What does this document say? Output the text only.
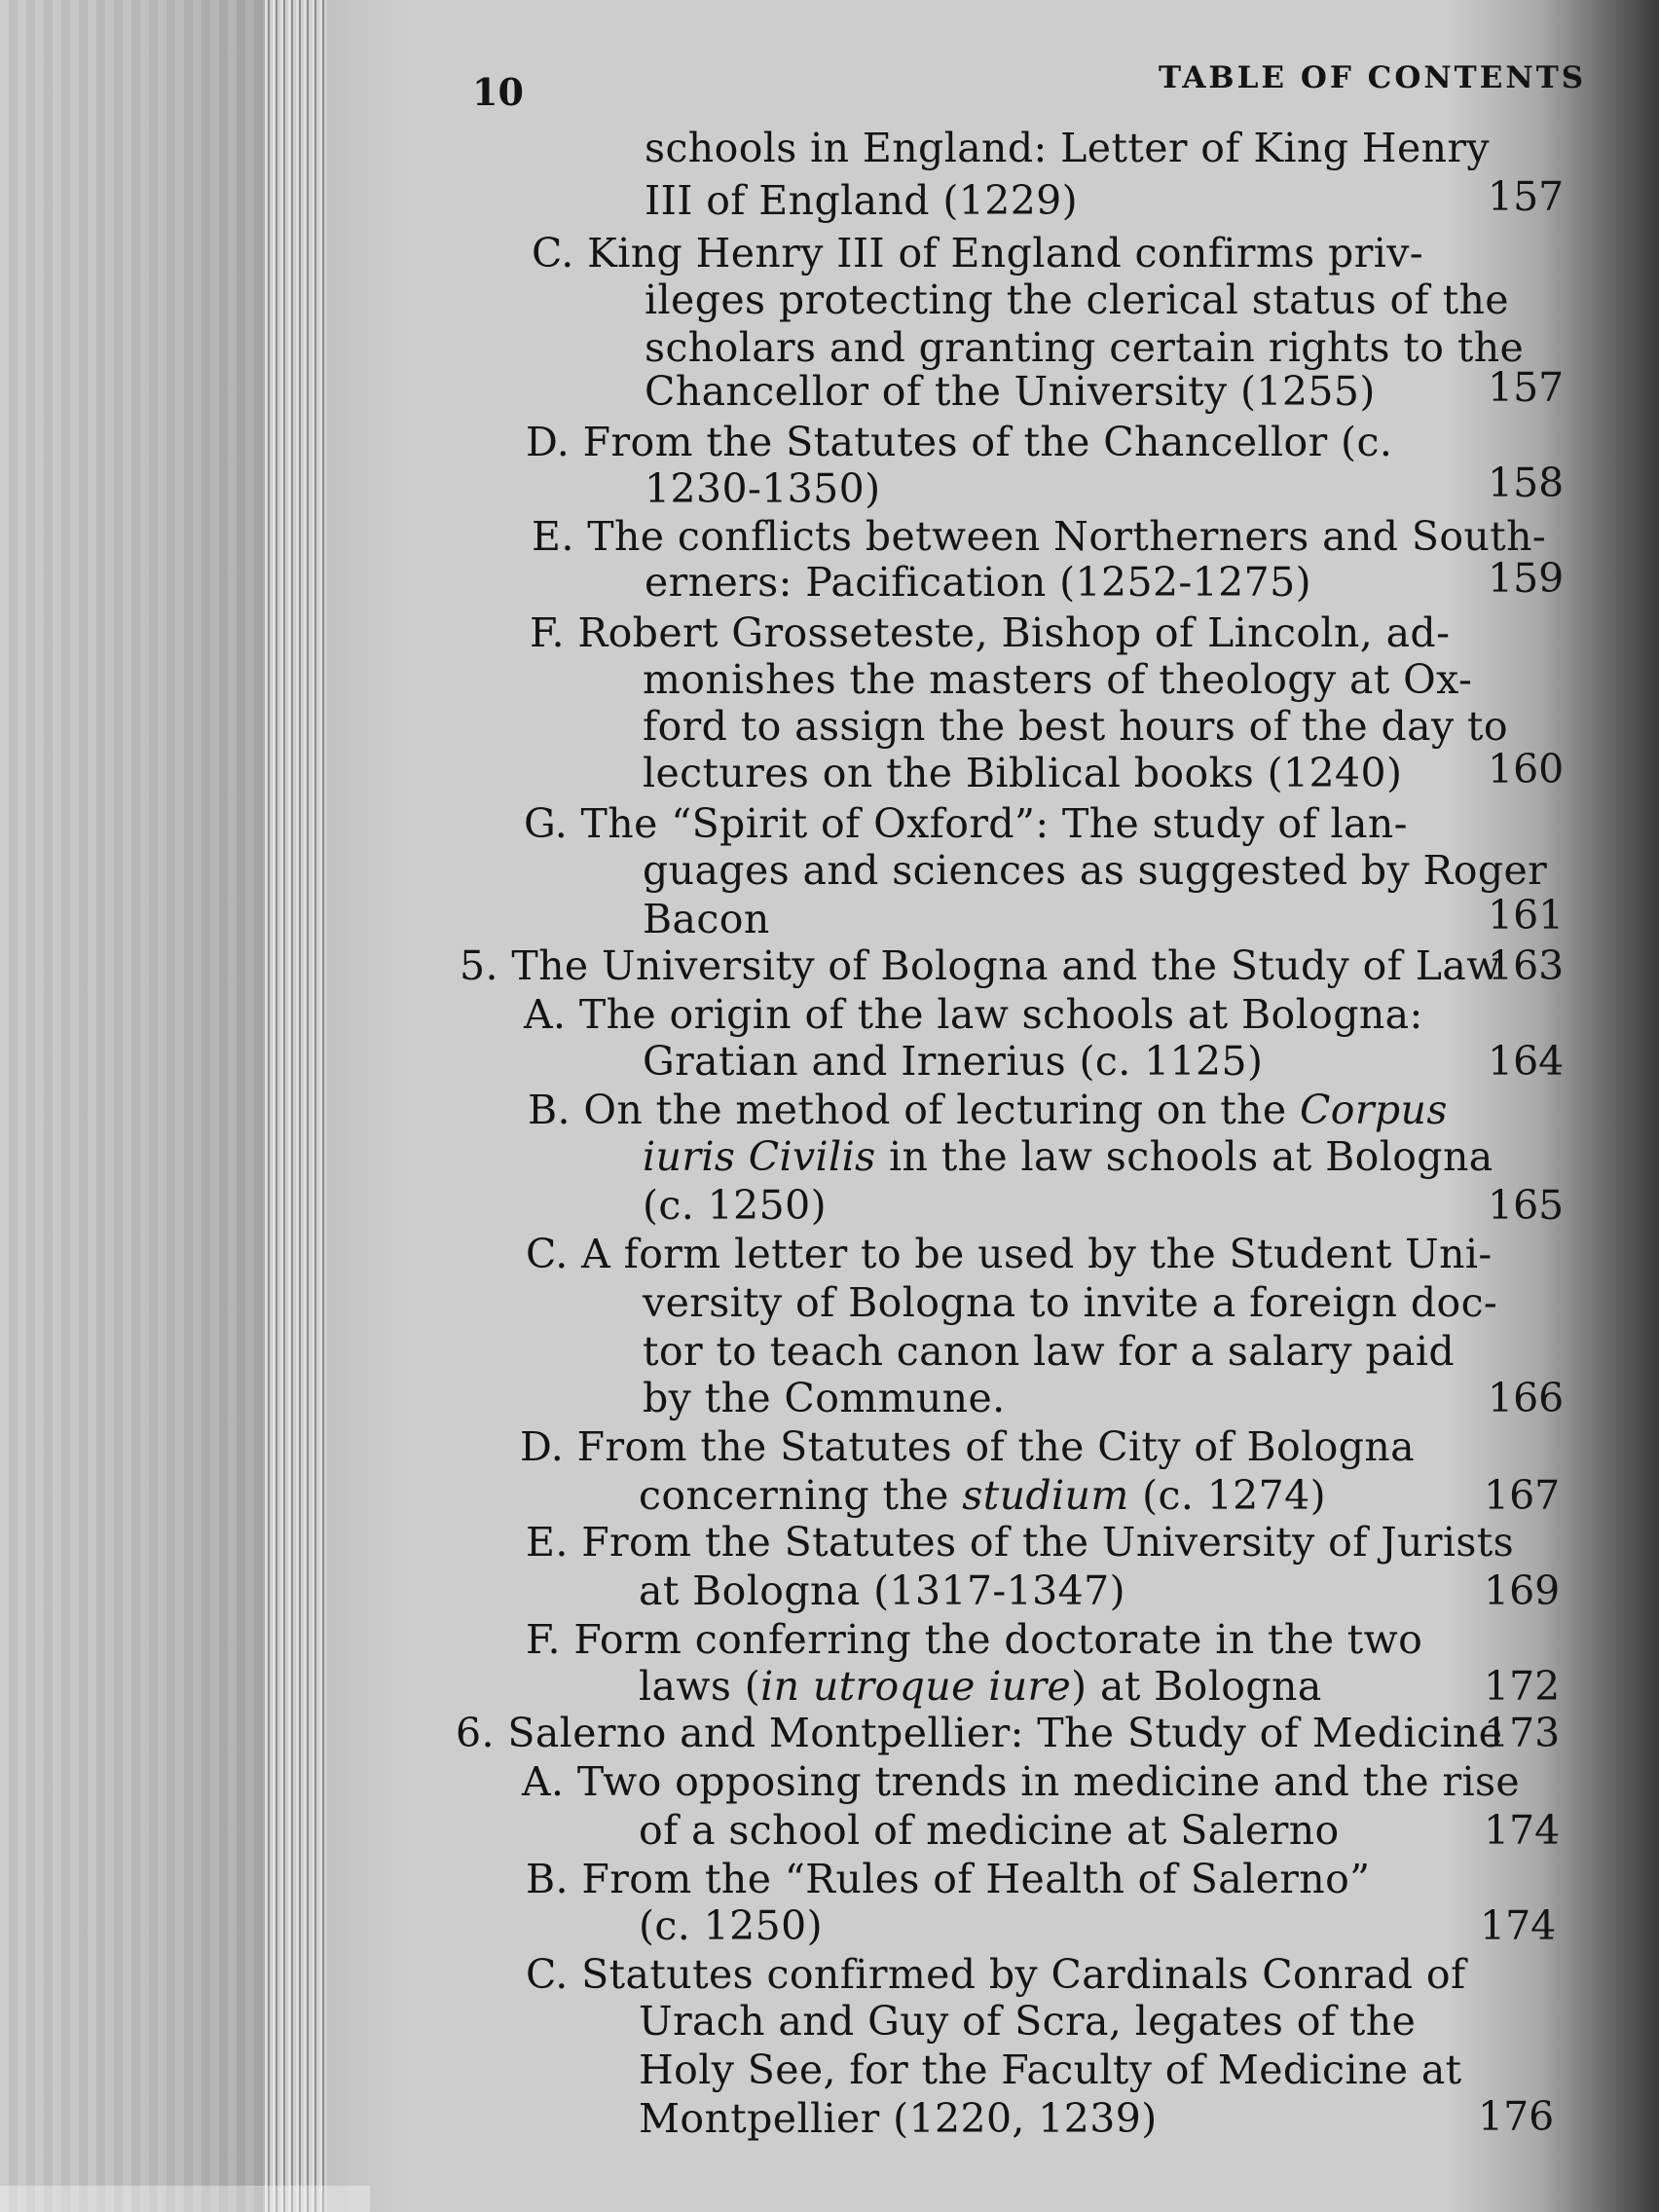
10	TABLE OF CONTENTS
schools in England: Letter of King Henry
III of England (1229)
C. King Henry III of England confirms priv-
ileges protecting the clerical status of the
scholars and granting certain rights to the
Chancellor of the University (1255)
D. From the Statutes of the Chancellor (c.
1230-1350)
E. The conflicts between Northerners and South-
erners: Pacification (1252-1275)
F. Robert Grosseteste, Bishop of Lincoln, ad-
monishes the masters of theology at Ox-
ford to assign the best hours of the day to
lectures on the Biblical books (1240)
G. The “Spirit of Oxford”: The study of lan-
guages and sciences as suggested by Roger
Bacon
5. The University of Bologna and the Study of Law
A. The origin of the law schools at Bologna:
Gratian and Irnerius (c. 1125)
B. On the method of lecturing on the Corpus
iuris Civilis in the law schools at Bologna
(c. 1250)
C. A form letter to be used by the Student Uni-
versity of Bologna to invite a foreign doc-
tor to teach canon law for a salary paid
by the Commune.
D. From the Statutes of the City of Bologna
concerning the studium (c. 1274)
E. From the Statutes of the University of Jurists
at Bologna (1317-1347)
F. Form conferring the doctorate in the two
laws (in utroque iure) at Bologna
6. Salerno and Montpellier: The Study of Medicine
A. Two opposing trends in medicine and the rise
of a school of medicine at Salerno
B. From the “Rules of Health of Salerno”
(c. 1250)
C. Statutes confirmed by Cardinals Conrad of
Urach and Guy of Scra, legates of the
Holy See, for the Faculty of Medicine at
Montpellier (1220, 1239)
157
157
158
159
160
161
163
164
165
166
167
169
172
173
174
174
176
